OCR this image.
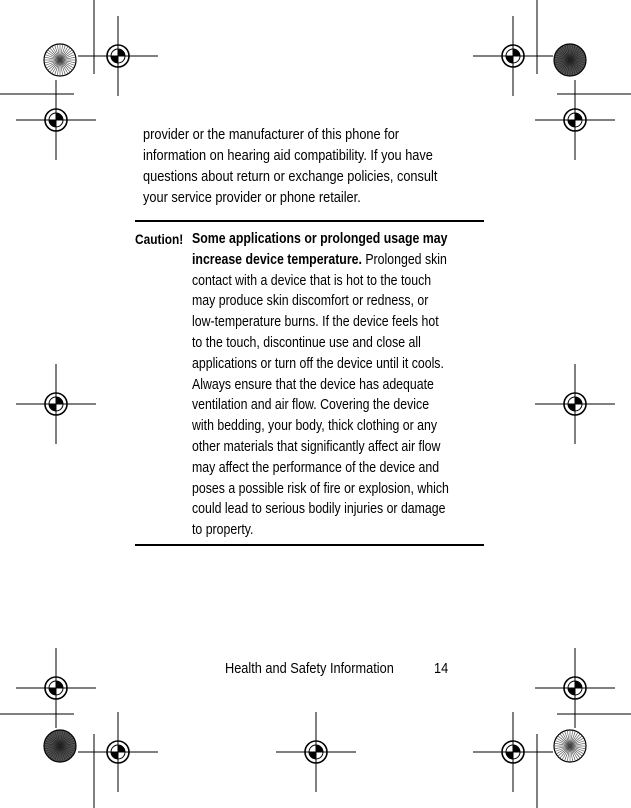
provider or the manufacturer of this phone for
information on hearing aid compatibility. If you have
questions about return or exchange policies, consult
your service provider or phone retailer.

Caution! Some applications or prolonged usage may
increase device temperature. Prolonged skin
contact with a device that is hot to the touch
may produce skin discomfort or redness, or
low-temperature burns. If the device feels hot
to the touch, discontinue use and close all
applications or turn off the device until it cools.
Always ensure that the device has adequate
ventilation and air flow. Covering the device
with bedding, your body, thick clothing or any
other materials that significantly affect air flow
may affect the performance of the device and
poses a possible risk of fire or explosion, which
could lead to serious bodily injuries or damage
to property.

Health and Safety Information	14
